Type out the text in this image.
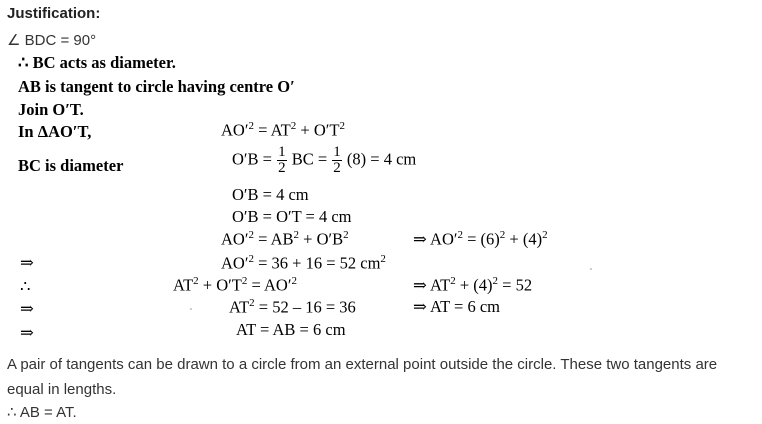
Justification:
∠ BDC = 90°
∴ BC acts as diameter.
AB is tangent to circle having centre O′
Join O′T.
In ΔAO′T,
BC is diameter
$AO'^2 = AT^2 + O'T^2$
$O'B = \frac{1}{2}$ BC = $\frac{1}{2} (8) = 4$ cm
O′B = 4 cm
O′B = O′T = 4 cm
$AO'^2 = AB^2 + O'B^2$	⇒ $AO'^2 = (6)^2 + (4)^2$
⇒	$AO'^2 = 36 + 16 = 52$ $cm^2$
∴	$AT^2 + O'T^2 = AO'^2$	⇒ $AT^2 + (4)^2 = 52$
⇒	$AT^2 = 52 - 16 = 36$	⇒ AT = 6 cm
⇒	AT = AB = 6 cm
A pair of tangents can be drawn to a circle from an external point outside the circle. These two tangents are equal in lengths.
∴ AB = AT.
